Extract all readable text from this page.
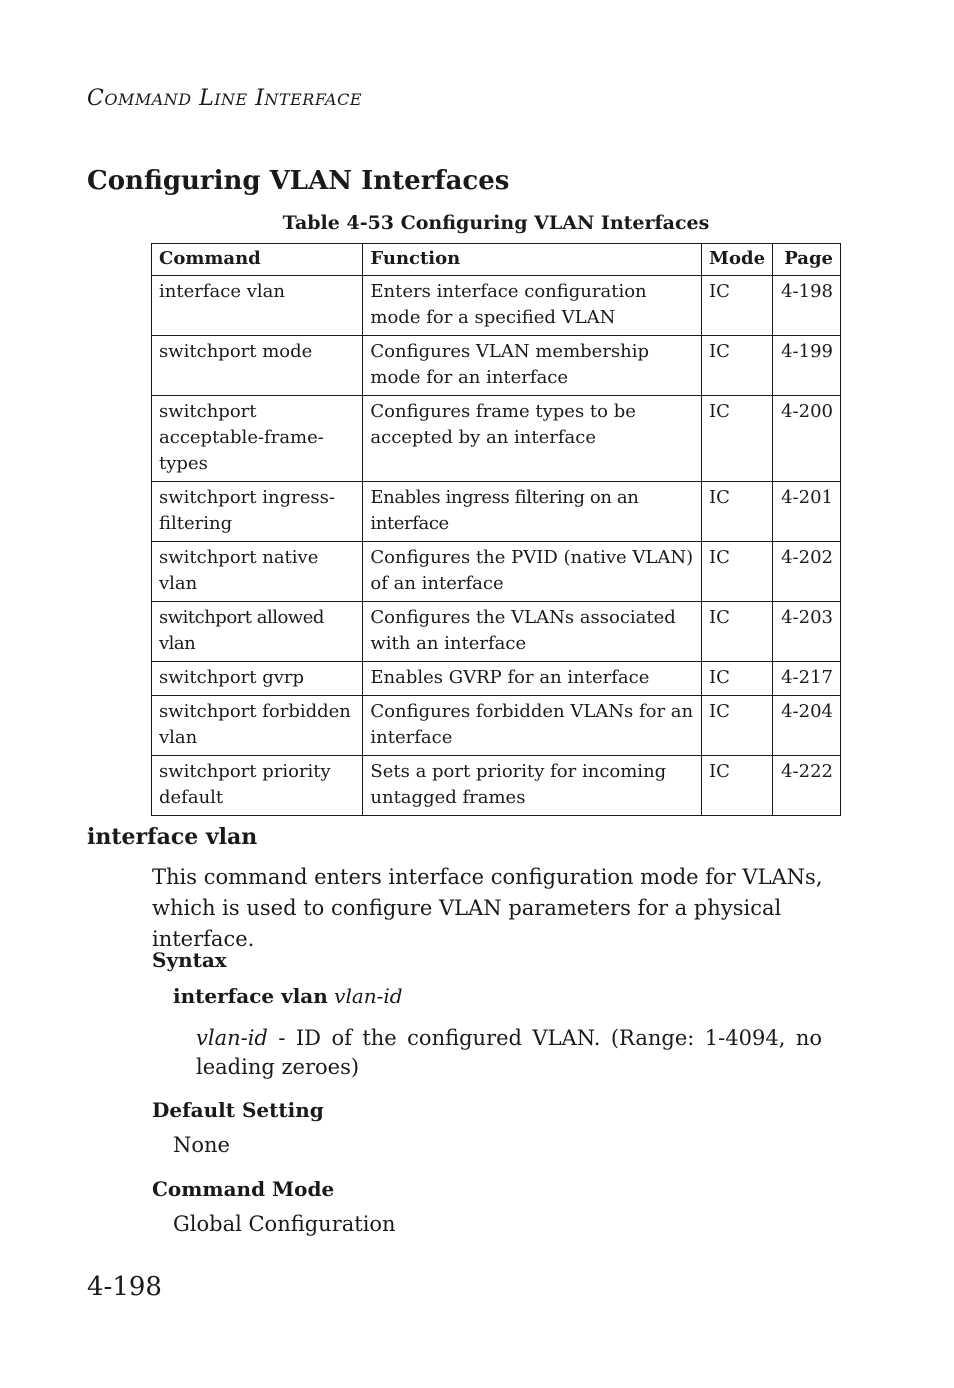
COMMAND LINE INTERFACE
Configuring VLAN Interfaces
Table 4-53 Configuring VLAN Interfaces
Command	Function	Mode	Page
interface vlan	Enters interface configuration mode for a specified VLAN	IC	4-198
switchport mode	Configures VLAN membership mode for an interface	IC	4-199
switchport acceptable-frame-types	Configures frame types to be accepted by an interface	IC	4-200
switchport ingress-filtering	Enables ingress filtering on an interface	IC	4-201
switchport native vlan	Configures the PVID (native VLAN) of an interface	IC	4-202
switchport allowed vlan	Configures the VLANs associated with an interface	IC	4-203
switchport gvrp	Enables GVRP for an interface	IC	4-217
switchport forbidden vlan	Configures forbidden VLANs for an interface	IC	4-204
switchport priority default	Sets a port priority for incoming untagged frames	IC	4-222
interface vlan
This command enters interface configuration mode for VLANs, which is used to configure VLAN parameters for a physical interface.
Syntax
interface vlan vlan-id
vlan-id - ID of the configured VLAN. (Range: 1-4094, no leading zeroes)
Default Setting
None
Command Mode
Global Configuration
4-198
